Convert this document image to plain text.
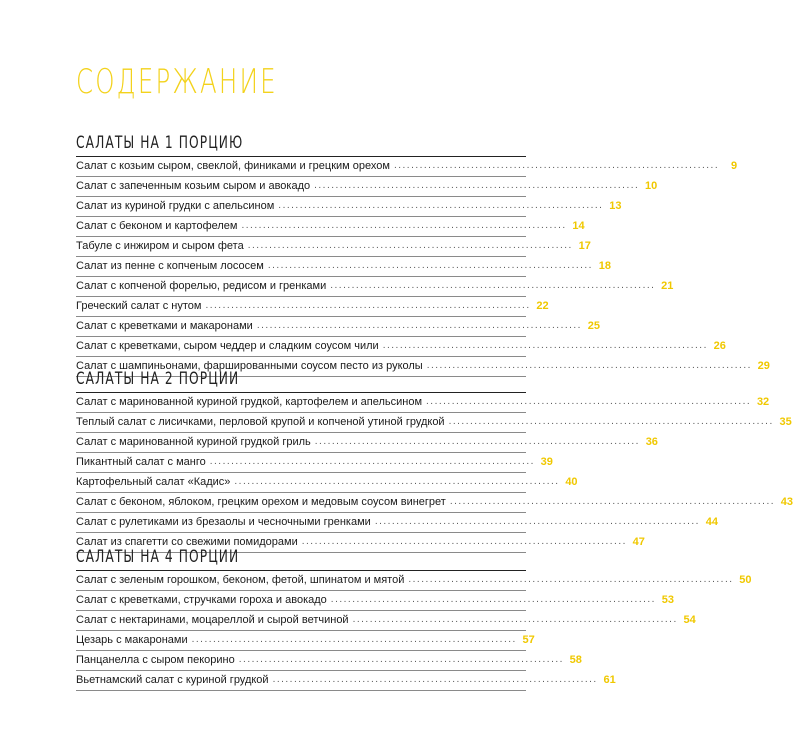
СОДЕРЖАНИЕ
САЛАТЫ НА 1 ПОРЦИЮ
Салат с козьим сыром, свеклой, финиками и грецким орехом ............................................................................	9
Салат с запеченным козьим сыром и авокадо ............................................................................ 10
Салат из куриной грудки с апельсином ............................................................................ 13
Салат с беконом и картофелем ............................................................................ 14
Табуле с инжиром и сыром фета ............................................................................ 17
Салат из пенне с копченым лососем ............................................................................ 18
Салат с копченой форелью, редисом и гренками ............................................................................ 21
Греческий салат с нутом ............................................................................ 22
Салат с креветками и макаронами ............................................................................ 25
Салат с креветками, сыром чеддер и сладким соусом чили ............................................................................ 26
Салат с шампиньонами, фаршированными соусом песто из руколы ............................................................................ 29
САЛАТЫ НА 2 ПОРЦИИ
Салат с маринованной куриной грудкой, картофелем и апельсином ............................................................................ 32
Теплый салат с лисичками, перловой крупой и копченой утиной грудкой ............................................................................ 35
Салат с маринованной куриной грудкой гриль ............................................................................ 36
Пикантный салат с манго ............................................................................ 39
Картофельный салат «Кадис» ............................................................................ 40
Салат с беконом, яблоком, грецким орехом и медовым соусом винегрет ............................................................................ 43
Салат с рулетиками из брезаолы и чесночными гренками ............................................................................ 44
Салат из спагетти со свежими помидорами ............................................................................ 47
САЛАТЫ НА 4 ПОРЦИИ
Салат с зеленым горошком, беконом, фетой, шпинатом и мятой ............................................................................ 50
Салат с креветками, стручками гороха и авокадо ............................................................................ 53
Салат с нектаринами, моцареллой и сырой ветчиной ............................................................................ 54
Цезарь с макаронами ............................................................................ 57
Панцанелла с сыром пекорино ............................................................................ 58
Вьетнамский салат с куриной грудкой ............................................................................ 61
